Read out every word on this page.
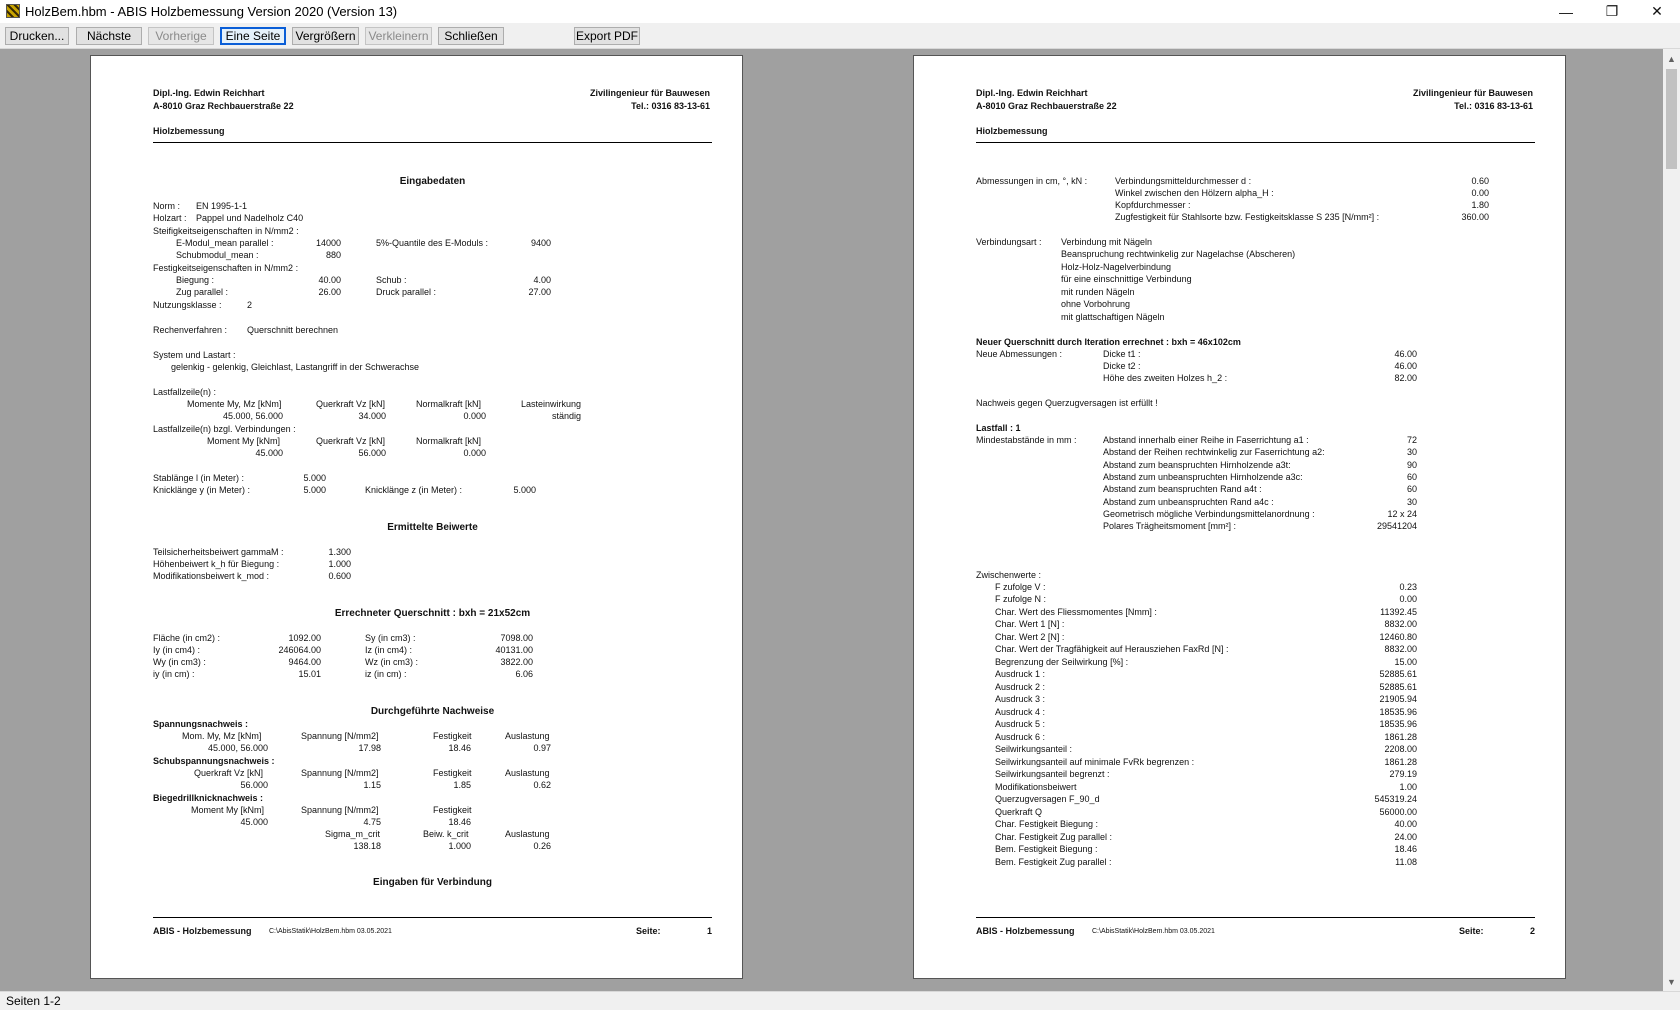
HolzBem.hbm - ABIS Holzbemessung Version 2020 (Version 13)	—	❐	✕
Drucken...	Nächste	Vorherige	Eine Seite	Vergrößern Verkleinern	Schließen	Export PDF
Dipl.-Ing. Edwin Reichhart
A-8010 Graz Rechbauerstraße 22
Zivilingenieur für Bauwesen
Tel.: 0316 83-13-61
Hiolzbemessung
Eingabedaten
Norm : EN 1995-1-1
Holzart : Pappel und Nadelholz C40
Steifigkeitseigenschaften in N/mm2 :
E-Modul_mean parallel :	14000	5%-Quantile des E-Moduls :	9400
Schubmodul_mean :	880
Festigkeitseigenschaften in N/mm2 :
Biegung :	40.00	Schub :	4.00
Zug parallel :	26.00	Druck parallel :	27.00
Nutzungsklasse :	2
Rechenverfahren : Querschnitt berechnen
System und Lastart :
gelenkig - gelenkig, Gleichlast, Lastangriff in der Schwerachse
Lastfallzeile(n) :
Momente My, Mz [kNm]	Querkraft Vz [kN]	Normalkraft [kN]	Lasteinwirkung
45.000, 56.000	34.000	0.000	ständig
Lastfallzeile(n) bzgl. Verbindungen :
Moment My [kNm]	Querkraft Vz [kN]	Normalkraft [kN]
45.000	56.000	0.000
Stablänge l (in Meter) :	5.000
Knicklänge y (in Meter) :	5.000	Knicklänge z (in Meter) :	5.000
Ermittelte Beiwerte
Teilsicherheitsbeiwert gammaM :	1.300
Höhenbeiwert k_h für Biegung :	1.000
Modifikationsbeiwert k_mod :	0.600
Errechneter Querschnitt : bxh = 21x52cm
Fläche (in cm2) :	1092.00	Sy (in cm3) :	7098.00
Iy (in cm4) :	246064.00	Iz (in cm4) :	40131.00
Wy (in cm3) :	9464.00	Wz (in cm3) :	3822.00
iy (in cm) :	15.01	iz (in cm) :	6.06
Durchgeführte Nachweise
Spannungsnachweis :
Mom. My, Mz [kNm]	Spannung [N/mm2]	Festigkeit	Auslastung
45.000, 56.000	17.98	18.46	0.97
Schubspannungsnachweis :
Querkraft Vz [kN]	Spannung [N/mm2]	Festigkeit	Auslastung
56.000	1.15	1.85	0.62
Biegedrillknicknachweis :
Moment My [kNm]	Spannung [N/mm2]	Festigkeit
45.000	4.75	18.46
Sigma_m_crit	Beiw. k_crit	Auslastung
138.18	1.000	0.26
Eingaben für Verbindung
ABIS - Holzbemessung C:\AbisStatik\HolzBem.hbm 03.05.2021	Seite:	1
Dipl.-Ing. Edwin Reichhart
A-8010 Graz Rechbauerstraße 22
Zivilingenieur für Bauwesen
Tel.: 0316 83-13-61
Hiolzbemessung
Abmessungen in cm, °, kN :	Verbindungsmitteldurchmesser d :	0.60
Winkel zwischen den Hölzern alpha_H :	0.00
Kopfdurchmesser :	1.80
Zugfestigkeit für Stahlsorte bzw. Festigkeitsklasse S 235 [N/mm²] :	360.00
Verbindungsart : Verbindung mit Nägeln
Beanspruchung rechtwinkelig zur Nagelachse (Abscheren)
Holz-Holz-Nagelverbindung
für eine einschnittige Verbindung
mit runden Nägeln
ohne Vorbohrung
mit glattschaftigen Nägeln
Neuer Querschnitt durch Iteration errechnet : bxh = 46x102cm
Neue Abmessungen :	Dicke t1 :	46.00
Dicke t2 :	46.00
Höhe des zweiten Holzes h_2 :	82.00
Nachweis gegen Querzugversagen ist erfüllt !
Lastfall : 1
Mindestabstände in mm :	Abstand innerhalb einer Reihe in Faserrichtung a1 :	72
Abstand der Reihen rechtwinkelig zur Faserrichtung a2:	30
Abstand zum beanspruchten Hirnholzende a3t:	90
Abstand zum unbeanspruchten Hirnholzende a3c:	60
Abstand zum beanspruchten Rand a4t :	60
Abstand zum unbeanspruchten Rand a4c :	30
Geometrisch mögliche Verbindungsmittelanordnung :	12 x 24
Polares Trägheitsmoment [mm²] :	29541204
Zwischenwerte :
F zufolge V :	0.23
F zufolge N :	0.00
Char. Wert des Fliessmomentes [Nmm] :	11392.45
Char. Wert 1 [N] :	8832.00
Char. Wert 2 [N] :	12460.80
Char. Wert der Tragfähigkeit auf Herausziehen FaxRd [N] :	8832.00
Begrenzung der Seilwirkung [%] :	15.00
Ausdruck 1 :	52885.61
Ausdruck 2 :	52885.61
Ausdruck 3 :	21905.94
Ausdruck 4 :	18535.96
Ausdruck 5 :	18535.96
Ausdruck 6 :	1861.28
Seilwirkungsanteil :	2208.00
Seilwirkungsanteil auf minimale FvRk begrenzen :	1861.28
Seilwirkungsanteil begrenzt :	279.19
Modifikationsbeiwert	1.00
Querzugversagen F_90_d	545319.24
Querkraft Q	56000.00
Char. Festigkeit Biegung :	40.00
Char. Festigkeit Zug parallel :	24.00
Bem. Festigkeit Biegung :	18.46
Bem. Festigkeit Zug parallel :	11.08
ABIS - Holzbemessung C:\AbisStatik\HolzBem.hbm 03.05.2021	Seite:	2
▲
▼
Seiten 1-2
